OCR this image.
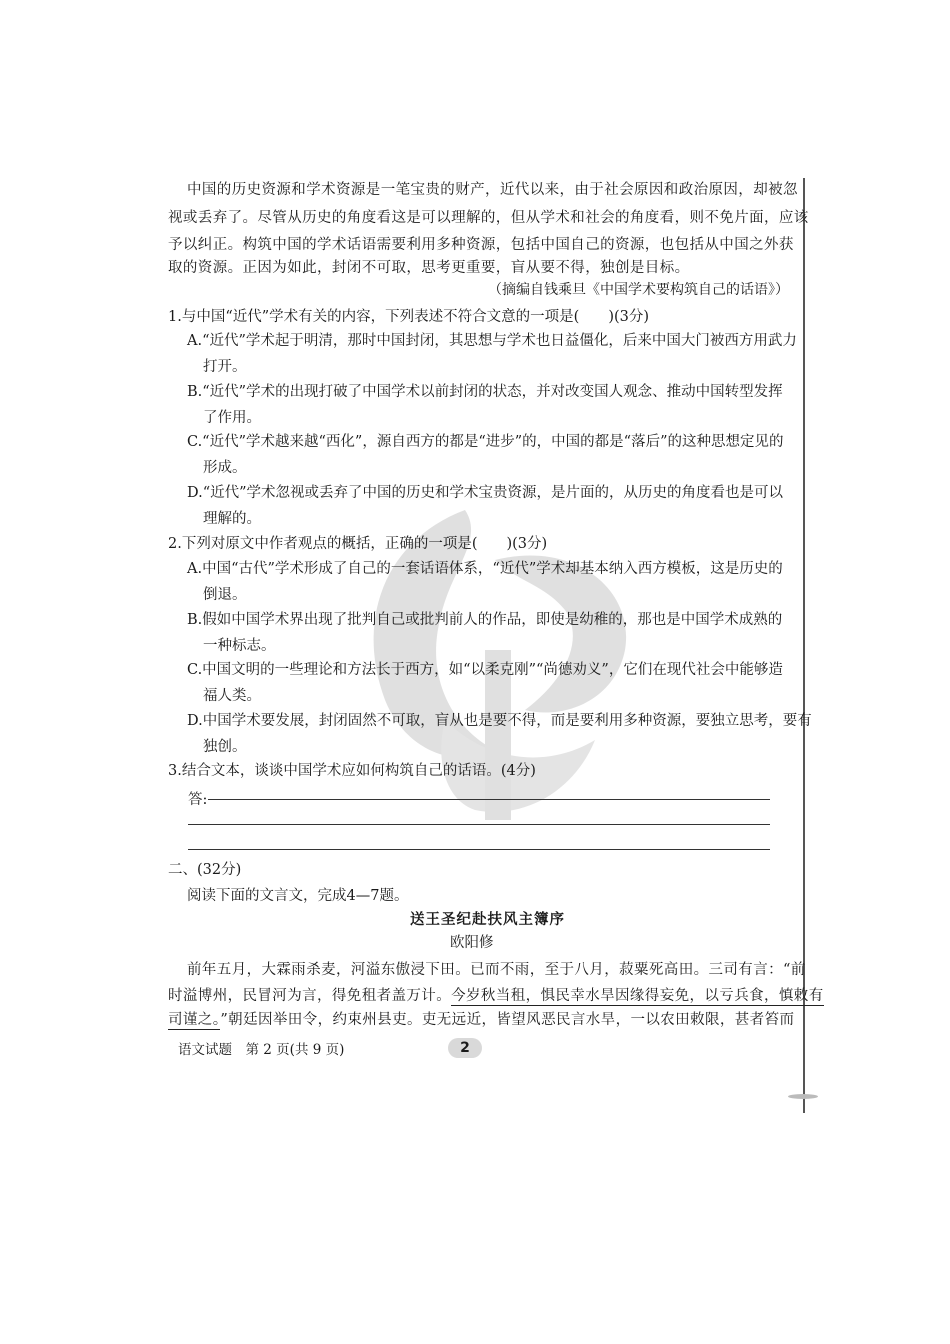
中国的历史资源和学术资源是一笔宝贵的财产，近代以来，由于社会原因和政治原因，却被忽
视或丢弃了。尽管从历史的角度看这是可以理解的，但从学术和社会的角度看，则不免片面，应该
予以纠正。构筑中国的学术话语需要利用多种资源，包括中国自己的资源，也包括从中国之外获
取的资源。正因为如此，封闭不可取，思考更重要，盲从要不得，独创是目标。
（摘编自钱乘旦《中国学术要构筑自己的话语》）
1.与中国“近代”学术有关的内容，下列表述不符合文意的一项是(　　)(3分)
A.“近代”学术起于明清，那时中国封闭，其思想与学术也日益僵化，后来中国大门被西方用武力
打开。
B.“近代”学术的出现打破了中国学术以前封闭的状态，并对改变国人观念、推动中国转型发挥
了作用。
C.“近代”学术越来越“西化”，源自西方的都是“进步”的，中国的都是“落后”的这种思想定见的
形成。
D.“近代”学术忽视或丢弃了中国的历史和学术宝贵资源，是片面的，从历史的角度看也是可以
理解的。
2.下列对原文中作者观点的概括，正确的一项是(　　)(3分)
A.中国“古代”学术形成了自己的一套话语体系，“近代”学术却基本纳入西方模板，这是历史的
倒退。
B.假如中国学术界出现了批判自己或批判前人的作品，即使是幼稚的，那也是中国学术成熟的
一种标志。
C.中国文明的一些理论和方法长于西方，如“以柔克刚”“尚德劝义”，它们在现代社会中能够造
福人类。
D.中国学术要发展，封闭固然不可取，盲从也是要不得，而是要利用多种资源，要独立思考，要有
独创。
3.结合文本，谈谈中国学术应如何构筑自己的话语。(4分)
答:
二、(32分)
阅读下面的文言文，完成4—7题。
送王圣纪赴扶风主簿序
欧阳修
前年五月，大霖雨杀麦，河溢东傲浸下田。已而不雨，至于八月，菽粟死高田。三司有言：“前
时溢博州，民冒河为言，得免租者盖万计。今岁秋当租，惧民幸水旱因缘得妄免，以亏兵食，慎敕有
司谨之。”朝廷因举田令，约束州县吏。吏无远近，皆望风恶民言水旱，一以农田敕限，甚者笞而
语文试题　第 2 页(共 9 页)	2
